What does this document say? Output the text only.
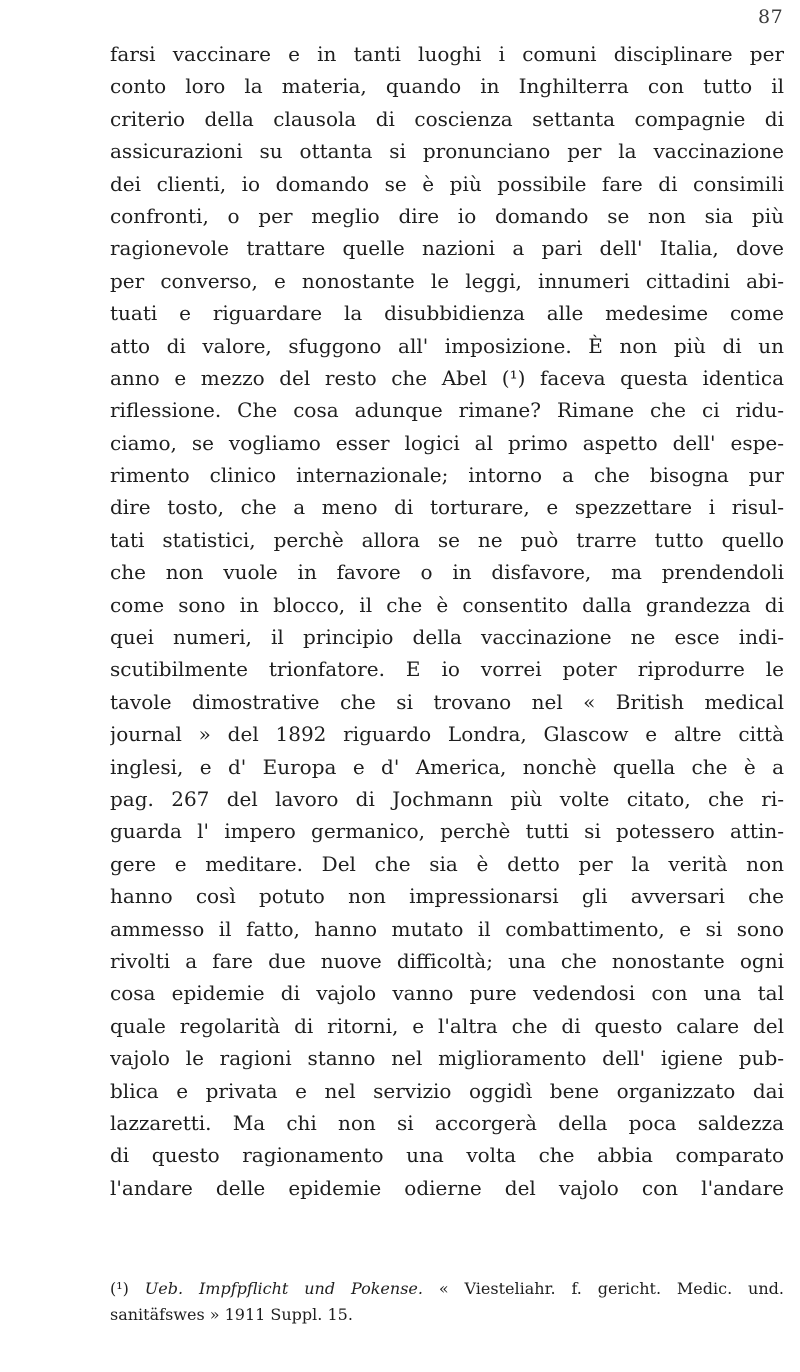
87
farsi vaccinare e in tanti luoghi i comuni disciplinare per
conto loro la materia, quando in Inghilterra con tutto il
criterio della clausola di coscienza settanta compagnie di
assicurazioni su ottanta si pronunciano per la vaccinazione
dei clienti, io domando se è più possibile fare di consimili
confronti, o per meglio dire io domando se non sia più
ragionevole trattare quelle nazioni a pari dell' Italia, dove
per converso, e nonostante le leggi, innumeri cittadini abi-
tuati e riguardare la disubbidienza alle medesime come
atto di valore, sfuggono all' imposizione. È non più di un
anno e mezzo del resto che Abel (¹) faceva questa identica
riflessione. Che cosa adunque rimane? Rimane che ci ridu-
ciamo, se vogliamo esser logici al primo aspetto dell' espe-
rimento clinico internazionale; intorno a che bisogna pur
dire tosto, che a meno di torturare, e spezzettare i risul-
tati statistici, perchè allora se ne può trarre tutto quello
che non vuole in favore o in disfavore, ma prendendoli
come sono in blocco, il che è consentito dalla grandezza di
quei numeri, il principio della vaccinazione ne esce indi-
scutibilmente trionfatore. E io vorrei poter riprodurre le
tavole dimostrative che si trovano nel « British medical
journal » del 1892 riguardo Londra, Glascow e altre città
inglesi, e d' Europa e d' America, nonchè quella che è a
pag. 267 del lavoro di Jochmann più volte citato, che ri-
guarda l' impero germanico, perchè tutti si potessero attin-
gere e meditare. Del che sia è detto per la verità non
hanno così potuto non impressionarsi gli avversari che
ammesso il fatto, hanno mutato il combattimento, e si sono
rivolti a fare due nuove difficoltà; una che nonostante ogni
cosa epidemie di vajolo vanno pure vedendosi con una tal
quale regolarità di ritorni, e l'altra che di questo calare del
vajolo le ragioni stanno nel miglioramento dell' igiene pub-
blica e privata e nel servizio oggidì bene organizzato dai
lazzaretti. Ma chi non si accorgerà della poca saldezza
di questo ragionamento una volta che abbia comparato
l'andare delle epidemie odierne del vajolo con l'andare
(¹) Ueb. Impfpflicht und Pokense. « Viesteliahr. f. gericht. Medic. und.
sanitäfswes » 1911 Suppl. 15.
